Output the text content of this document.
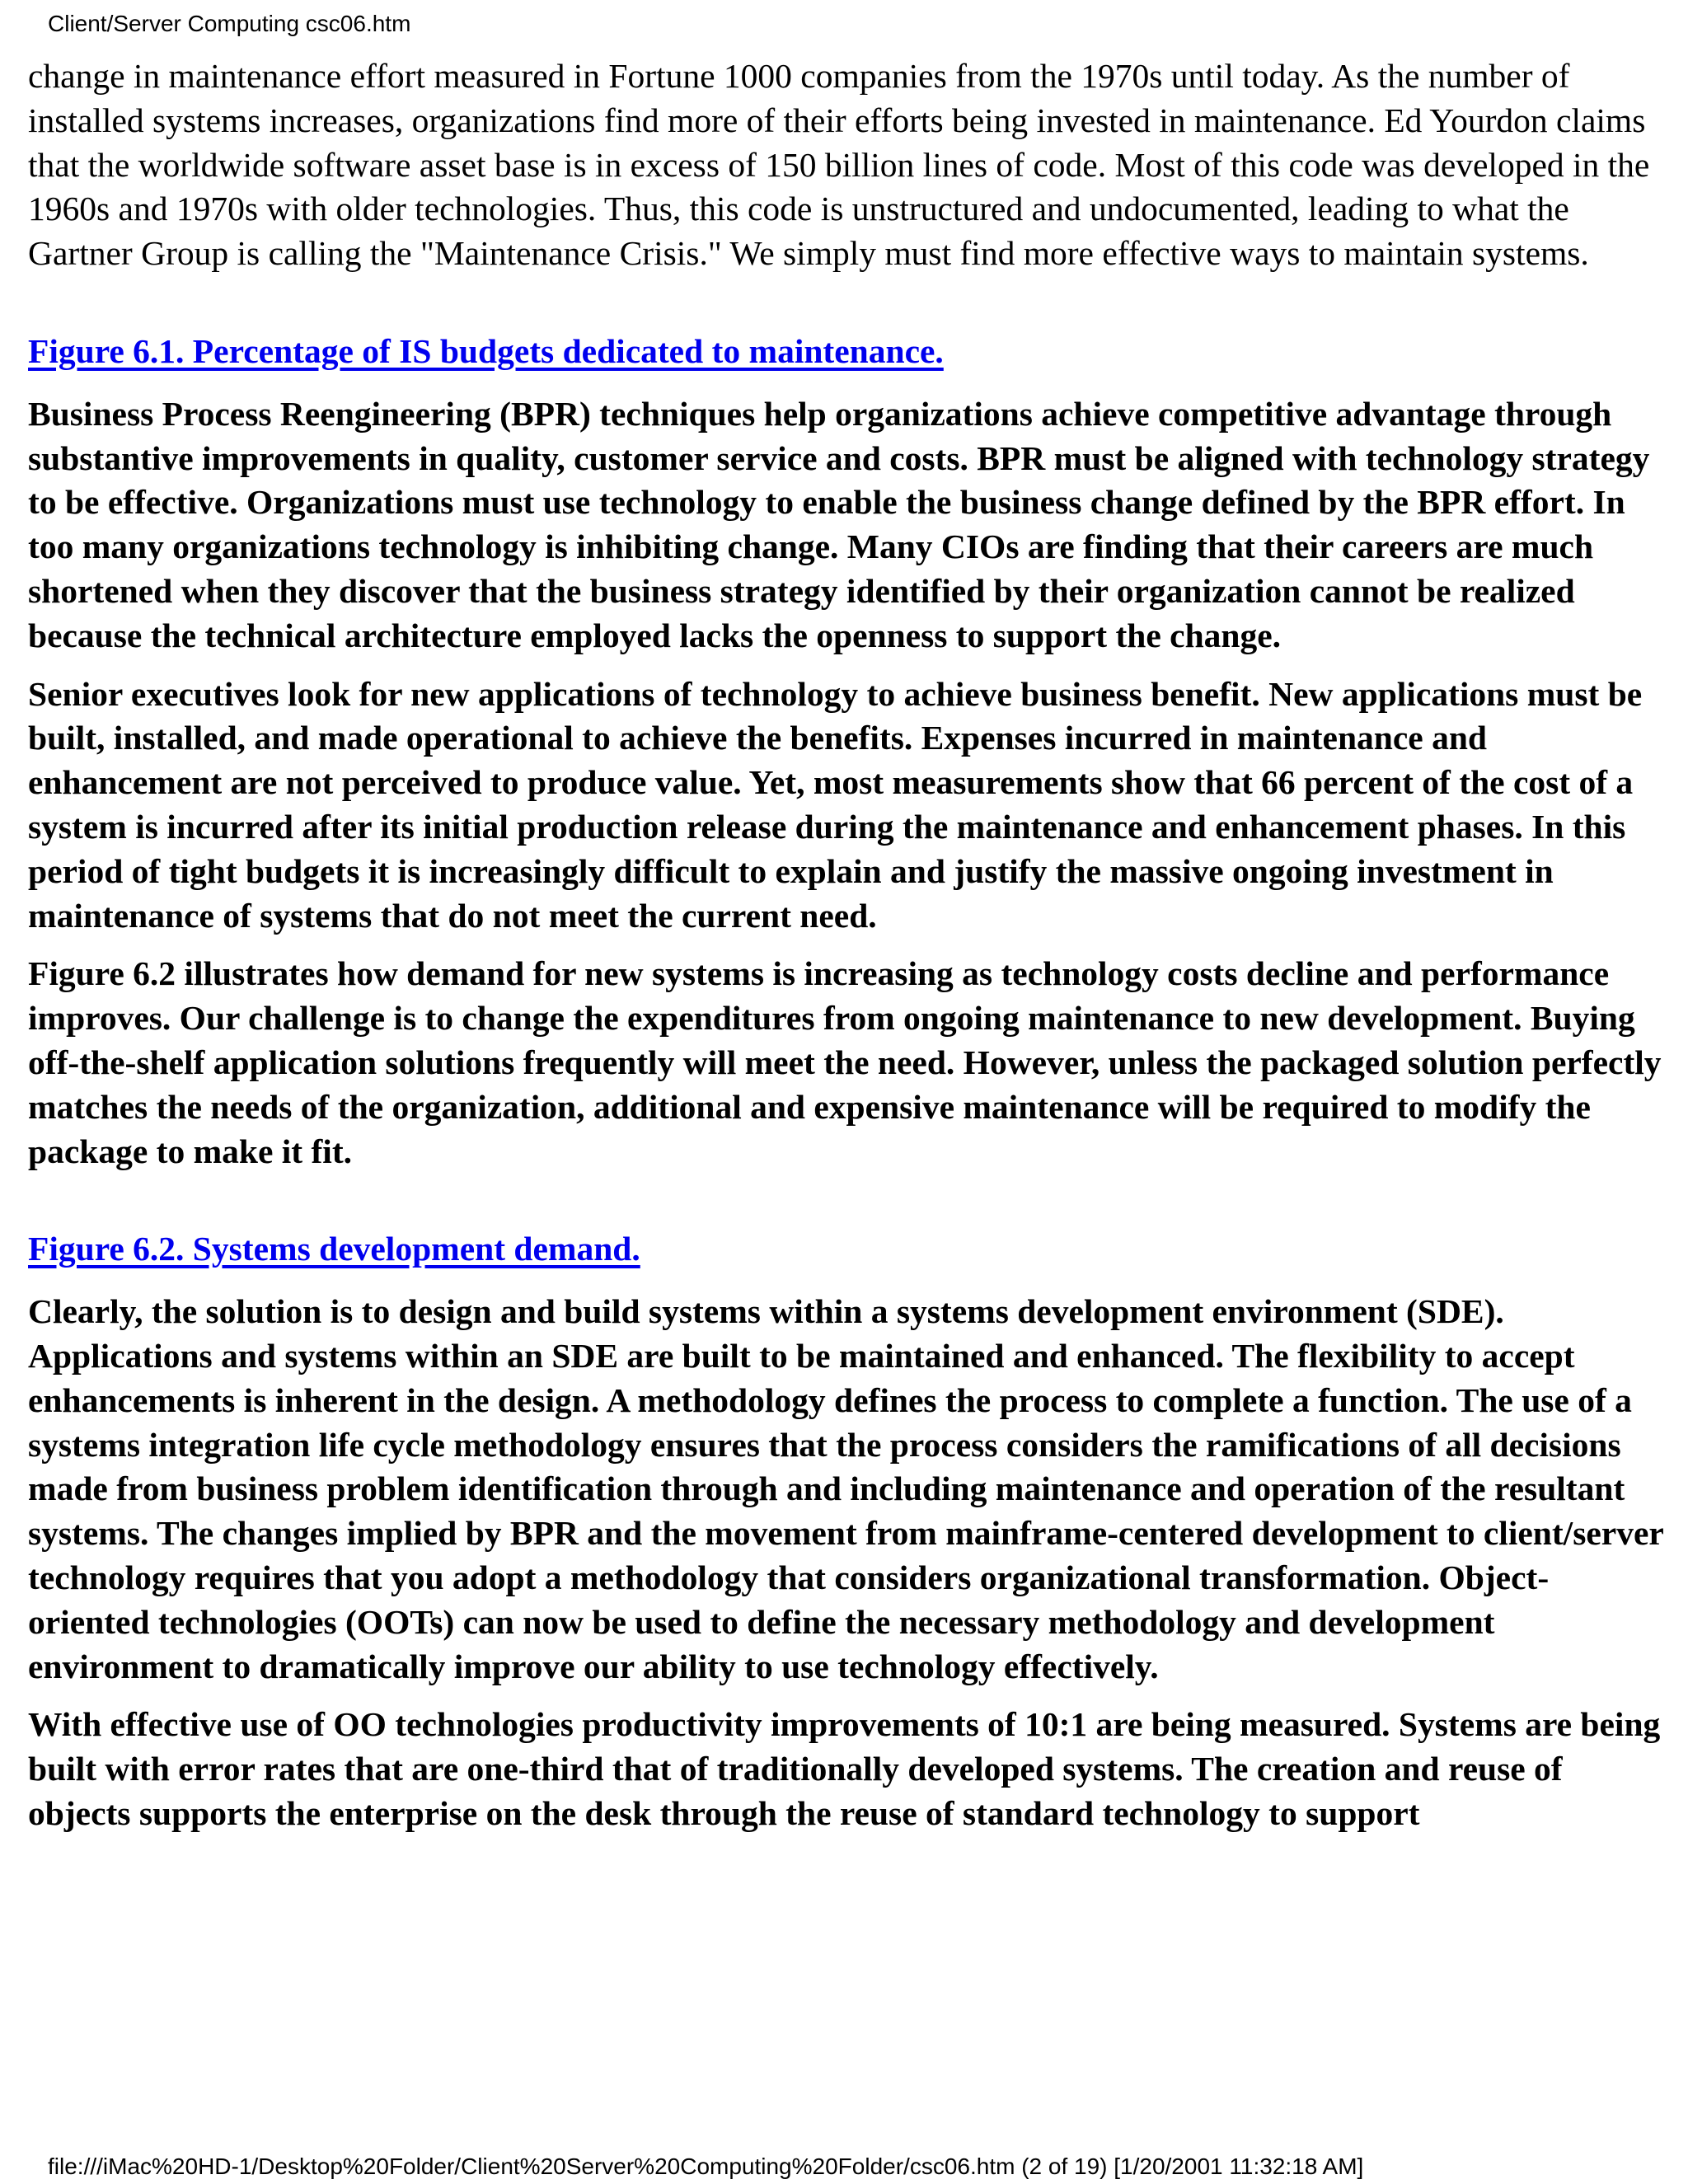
Client/Server Computing csc06.htm

change in maintenance effort measured in Fortune 1000 companies from the 1970s until today. As the number of installed systems increases, organizations find more of their efforts being invested in maintenance. Ed Yourdon claims that the worldwide software asset base is in excess of 150 billion lines of code. Most of this code was developed in the 1960s and 1970s with older technologies. Thus, this code is unstructured and undocumented, leading to what the Gartner Group is calling the "Maintenance Crisis." We simply must find more effective ways to maintain systems.

Figure 6.1. Percentage of IS budgets dedicated to maintenance.

Business Process Reengineering (BPR) techniques help organizations achieve competitive advantage through substantive improvements in quality, customer service and costs. BPR must be aligned with technology strategy to be effective. Organizations must use technology to enable the business change defined by the BPR effort. In too many organizations technology is inhibiting change. Many CIOs are finding that their careers are much shortened when they discover that the business strategy identified by their organization cannot be realized because the technical architecture employed lacks the openness to support the change.

Senior executives look for new applications of technology to achieve business benefit. New applications must be built, installed, and made operational to achieve the benefits. Expenses incurred in maintenance and enhancement are not perceived to produce value. Yet, most measurements show that 66 percent of the cost of a system is incurred after its initial production release during the maintenance and enhancement phases. In this period of tight budgets it is increasingly difficult to explain and justify the massive ongoing investment in maintenance of systems that do not meet the current need.

Figure 6.2 illustrates how demand for new systems is increasing as technology costs decline and performance improves. Our challenge is to change the expenditures from ongoing maintenance to new development. Buying off-the-shelf application solutions frequently will meet the need. However, unless the packaged solution perfectly matches the needs of the organization, additional and expensive maintenance will be required to modify the package to make it fit.

Figure 6.2. Systems development demand.

Clearly, the solution is to design and build systems within a systems development environment (SDE). Applications and systems within an SDE are built to be maintained and enhanced. The flexibility to accept enhancements is inherent in the design. A methodology defines the process to complete a function. The use of a systems integration life cycle methodology ensures that the process considers the ramifications of all decisions made from business problem identification through and including maintenance and operation of the resultant systems. The changes implied by BPR and the movement from mainframe-centered development to client/server technology requires that you adopt a methodology that considers organizational transformation. Object-oriented technologies (OOTs) can now be used to define the necessary methodology and development environment to dramatically improve our ability to use technology effectively.

With effective use of OO technologies productivity improvements of 10:1 are being measured. Systems are being built with error rates that are one-third that of traditionally developed systems. The creation and reuse of objects supports the enterprise on the desk through the reuse of standard technology to support

file:///iMac%20HD-1/Desktop%20Folder/Client%20Server%20Computing%20Folder/csc06.htm (2 of 19) [1/20/2001 11:32:18 AM]
